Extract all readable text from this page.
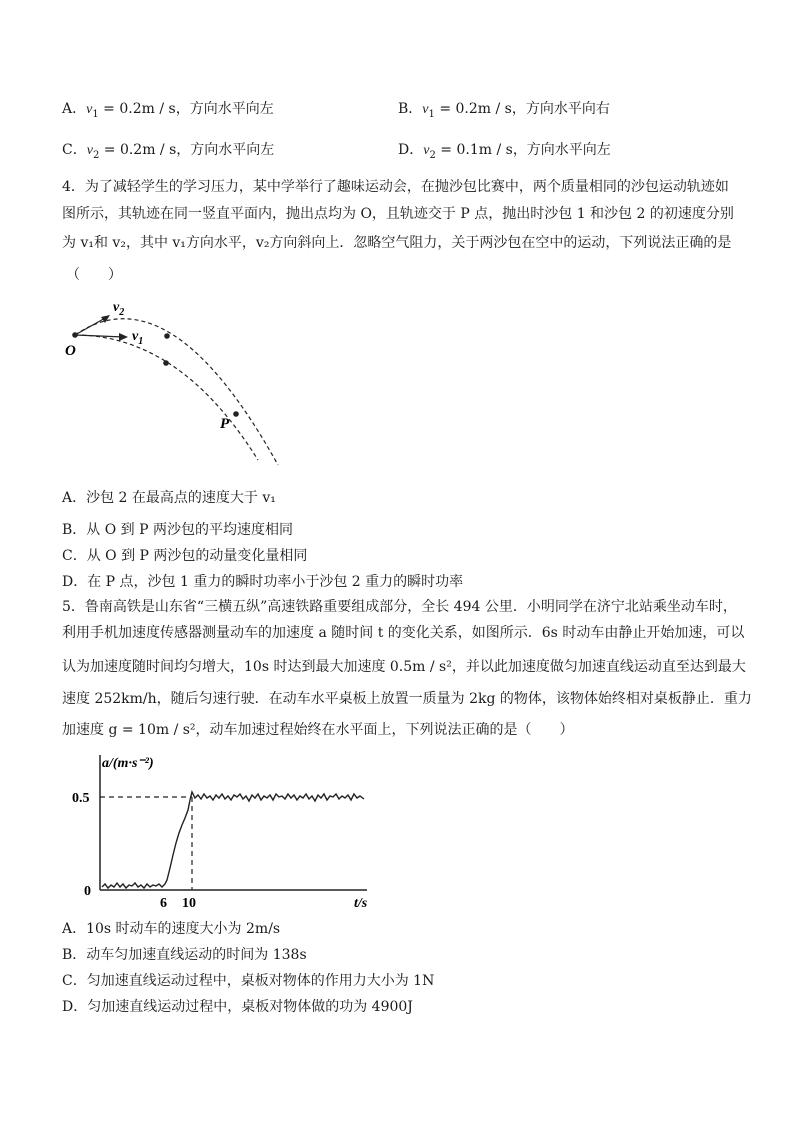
A．$v_1 = 0.2m / s$，方向水平向左	B．$v_1 = 0.2m / s$，方向水平向右
C．$v_2 = 0.2m / s$，方向水平向左	D．$v_2 = 0.1m / s$，方向水平向左
4．为了减轻学生的学习压力，某中学举行了趣味运动会，在抛沙包比赛中，两个质量相同的沙包运动轨迹如
图所示，其轨迹在同一竖直平面内，抛出点均为 O，且轨迹交于 P 点，抛出时沙包 1 和沙包 2 的初速度分别
为 v₁和 v₂，其中 v₁方向水平，v₂方向斜向上．忽略空气阻力，关于两沙包在空中的运动，下列说法正确的是
（　　）
O
P
$v_2$
$v_1$
A．沙包 2 在最高点的速度大于 v₁
B．从 O 到 P 两沙包的平均速度相同
C．从 O 到 P 两沙包的动量变化量相同
D．在 P 点，沙包 1 重力的瞬时功率小于沙包 2 重力的瞬时功率
5．鲁南高铁是山东省“三横五纵”高速铁路重要组成部分，全长 494 公里．小明同学在济宁北站乘坐动车时，
利用手机加速度传感器测量动车的加速度 a 随时间 t 的变化关系，如图所示．6s 时动车由静止开始加速，可以
认为加速度随时间均匀增大，10s 时达到最大加速度 0.5m / s²，并以此加速度做匀加速直线运动直至达到最大
速度 252km/h，随后匀速行驶．在动车水平桌板上放置一质量为 2kg 的物体，该物体始终相对桌板静止．重力
加速度 g = 10m / s²，动车加速过程始终在水平面上，下列说法正确的是（　　）
a/(m·s⁻²)
t/s
0.5
0
6 10
A．10s 时动车的速度大小为 2m/s
B．动车匀加速直线运动的时间为 138s
C．匀加速直线运动过程中，桌板对物体的作用力大小为 1N
D．匀加速直线运动过程中，桌板对物体做的功为 4900J
